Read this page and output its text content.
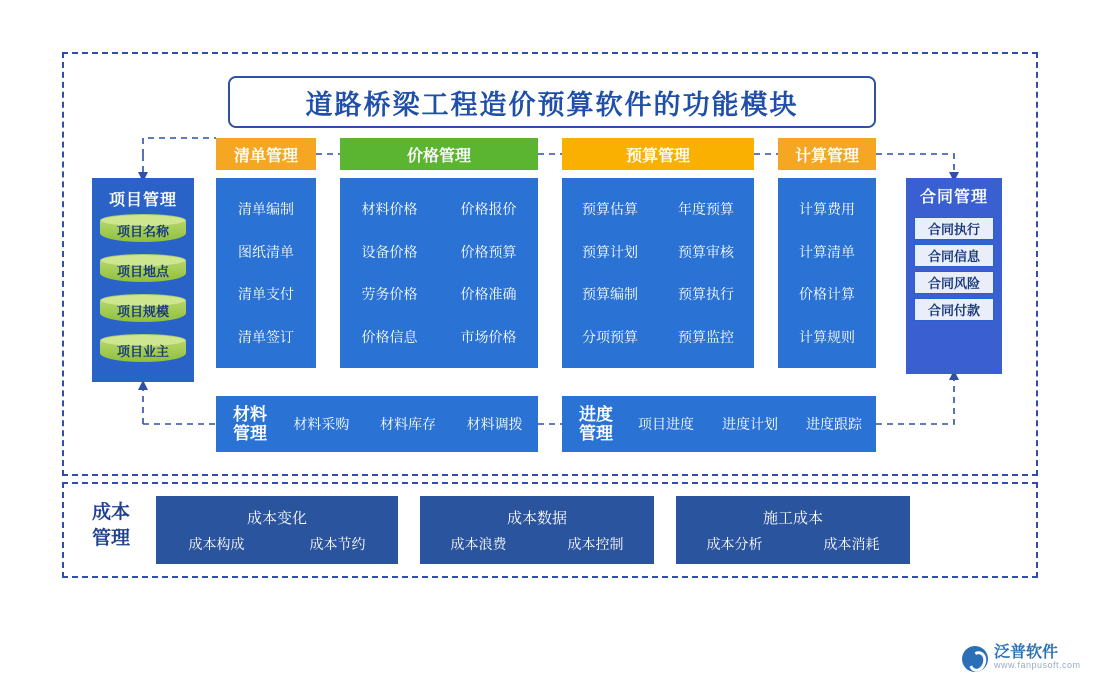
道路桥梁工程造价预算软件的功能模块
项目管理
项目名称
项目地点
项目规模
项目业主
清单管理	价格管理	预算管理	计算管理
清单编制
图纸清单
清单支付
清单签订
材料价格	价格报价
设备价格	价格预算
劳务价格	价格准确
价格信息	市场价格
预算估算	年度预算
预算计划	预算审核
预算编制	预算执行
分项预算	预算监控
计算费用
计算清单
价格计算
计算规则
合同管理
合同执行
合同信息
合同风险
合同付款
材料
管理	材料采购 材料库存 材料调拨	进度
管理	项目进度 进度计划 进度跟踪
成本
管理
成本变化
成本构成	成本节约
成本数据
成本浪费	成本控制
施工成本
成本分析	成本消耗
泛普软件
www.fanpusoft.com
